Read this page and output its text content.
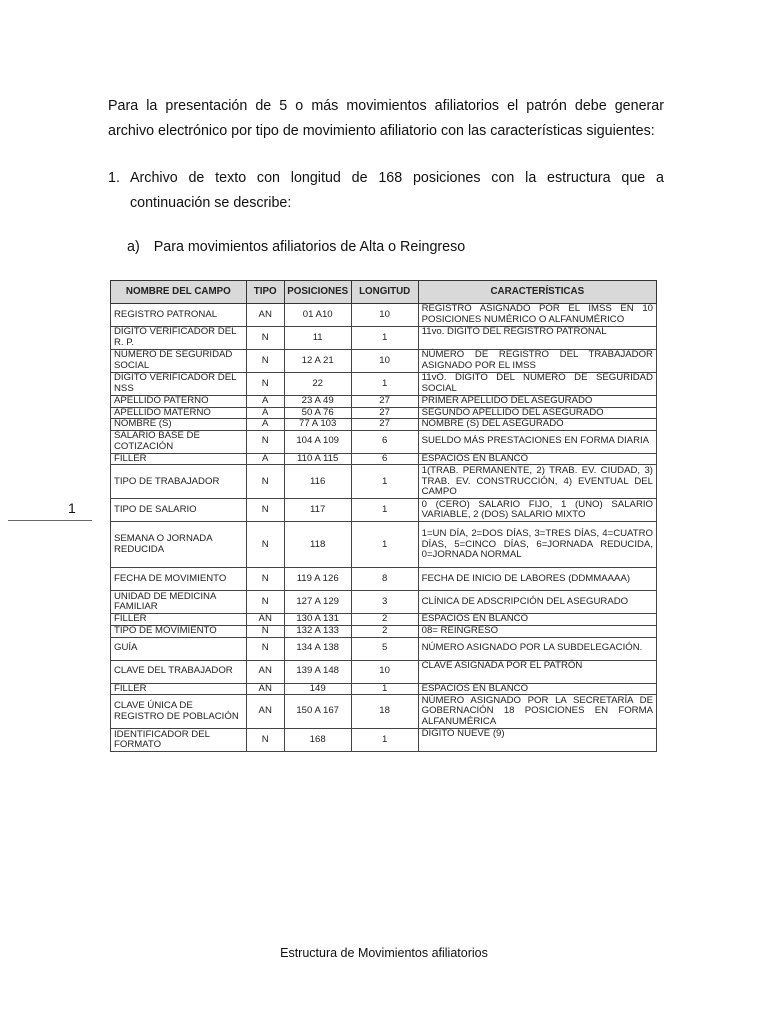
Para la presentación de 5 o más movimientos afiliatorios el patrón debe generar archivo electrónico por tipo de movimiento afiliatorio con las características siguientes:

1. Archivo de texto con longitud de 168 posiciones con la estructura que a continuación se describe:
a) Para movimientos afiliatorios de Alta o Reingreso
1
NOMBRE DEL CAMPO	TIPO	POSICIONES	LONGITUD	CARACTERÍSTICAS
REGISTRO PATRONAL	AN	01 A10	10	REGISTRO ASIGNADO POR EL IMSS EN 10 POSICIONES NUMÉRICO O ALFANUMÉRICO
DÍGITO VERIFICADOR DEL R. P.	N	11	1	11vo. DÍGITO DEL REGISTRO PATRONAL
NÚMERO DE SEGURIDAD SOCIAL	N	12 A 21	10	NÚMERO DE REGISTRO DEL TRABAJADOR ASIGNADO POR EL IMSS
DÍGITO VERIFICADOR DEL NSS	N	22	1	11vO. DÍGITO DEL NÚMERO DE SEGURIDAD SOCIAL
APELLIDO PATERNO	A	23 A 49	27	PRIMER APELLIDO DEL ASEGURADO
APELLIDO MATERNO	A	50 A 76	27	SEGUNDO APELLIDO DEL ASEGURADO
NOMBRE (S)	A	77 A 103	27	NOMBRE (S) DEL ASEGURADO
SALARIO BASE DE COTIZACIÓN	N	104 A 109	6	SUELDO MÁS PRESTACIONES EN FORMA DIARIA
FILLER	A	110 A 115	6	ESPACIOS EN BLANCO
TIPO DE TRABAJADOR	N	116	1	1(TRAB. PERMANENTE, 2) TRAB. EV. CIUDAD, 3) TRAB. EV. CONSTRUCCIÓN, 4) EVENTUAL DEL CAMPO
TIPO DE SALARIO	N	117	1	0 (CERO) SALARIO FIJO, 1 (UNO) SALARIO VARIABLE, 2 (DOS) SALARIO MIXTO
SEMANA O JORNADA REDUCIDA	N	118	1	1=UN DÍA, 2=DOS DÍAS, 3=TRES DÍAS, 4=CUATRO DÍAS, 5=CINCO DÍAS, 6=JORNADA REDUCIDA, 0=JORNADA NORMAL
FECHA DE MOVIMIENTO	N	119 A 126	8	FECHA DE INICIO DE LABORES (DDMMAAAA)
UNIDAD DE MEDICINA FAMILIAR	N	127 A 129	3	CLÍNICA DE ADSCRIPCIÓN DEL ASEGURADO
FILLER	AN	130 A 131	2	ESPACIOS EN BLANCO
TIPO DE MOVIMIENTO	N	132 A 133	2	08= REINGRESO
GUÍA	N	134 A 138	5	NÚMERO ASIGNADO POR LA SUBDELEGACIÓN.
CLAVE DEL TRABAJADOR	AN	139 A 148	10	CLAVE ASIGNADA POR EL PATRÓN
FILLER	AN	149	1	ESPACIOS EN BLANCO
CLAVE ÚNICA DE REGISTRO DE POBLACIÓN	AN	150 A 167	18	NÚMERO ASIGNADO POR LA SECRETARÍA DE GOBERNACIÓN 18 POSICIONES EN FORMA ALFANUMÉRICA
IDENTIFICADOR DEL FORMATO	N	168	1	DÍGITO NUEVE (9)
Estructura de Movimientos afiliatorios
